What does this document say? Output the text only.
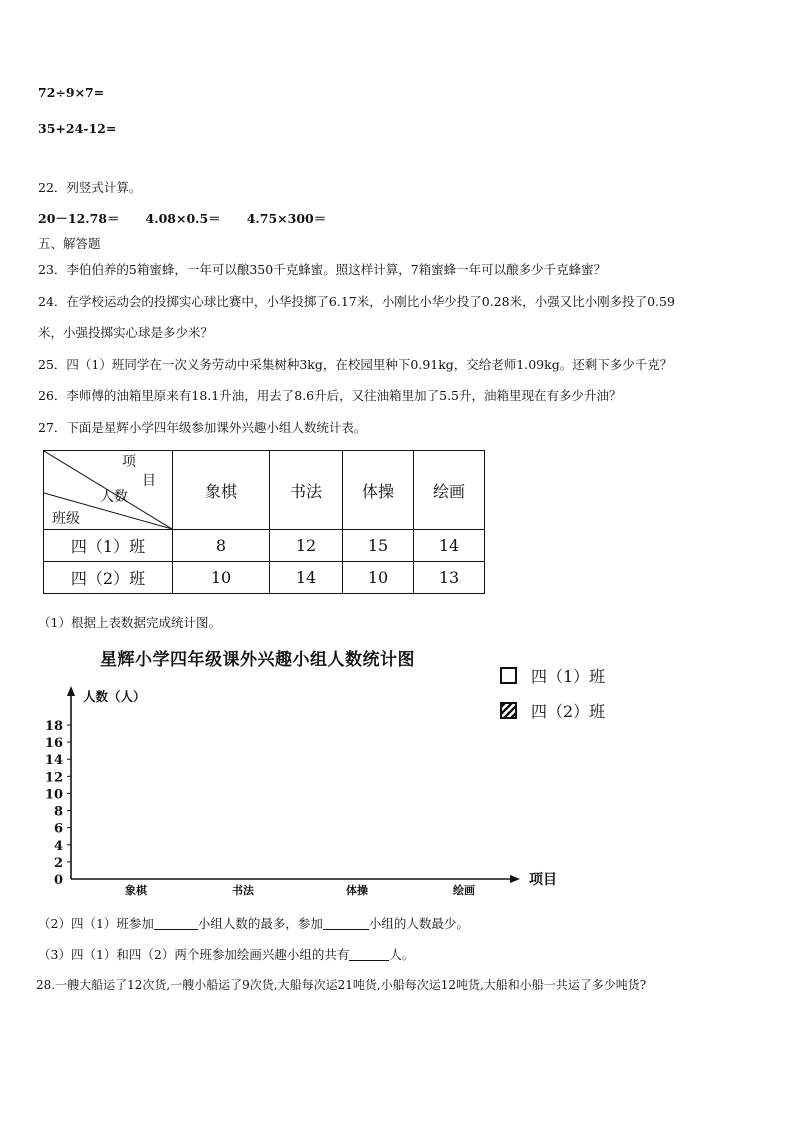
72÷9×7=
35+24-12=
22．列竖式计算。
20－12.78＝ 4.08×0.5＝ 4.75×300＝
五、解答题
23．李伯伯养的5箱蜜蜂，一年可以酿350千克蜂蜜。照这样计算，7箱蜜蜂一年可以酿多少千克蜂蜜？
24．在学校运动会的投掷实心球比赛中，小华投掷了6.17米，小刚比小华少投了0.28米，小强又比小刚多投了0.59
米，小强投掷实心球是多少米？
25．四（1）班同学在一次义务劳动中采集树种3kg，在校园里种下0.91kg，交给老师1.09kg。还剩下多少千克？
26．李师傅的油箱里原来有18.1升油，用去了8.6升后，又往油箱里加了5.5升，油箱里现在有多少升油？
27．下面是星辉小学四年级参加课外兴趣小组人数统计表。
项
目
人数
班级	象棋	书法	体操	绘画
四（1）班	8	12	15	14
四（2）班	10	14	10	13
（1）根据上表数据完成统计图。
星辉小学四年级课外兴趣小组人数统计图
四（1）班
四（2）班
人数（人）
0
2
4
6
8
10
12
14
16
18
象棋	书法	体操	绘画
项目
（2）四（1）班参加	小组人数的最多，参加	小组的人数最少。
（3）四（1）和四（2）两个班参加绘画兴趣小组的共有	人。
28.一艘大船运了12次货,一艘小船运了9次货,大船每次运21吨货,小船每次运12吨货,大船和小船一共运了多少吨货?
